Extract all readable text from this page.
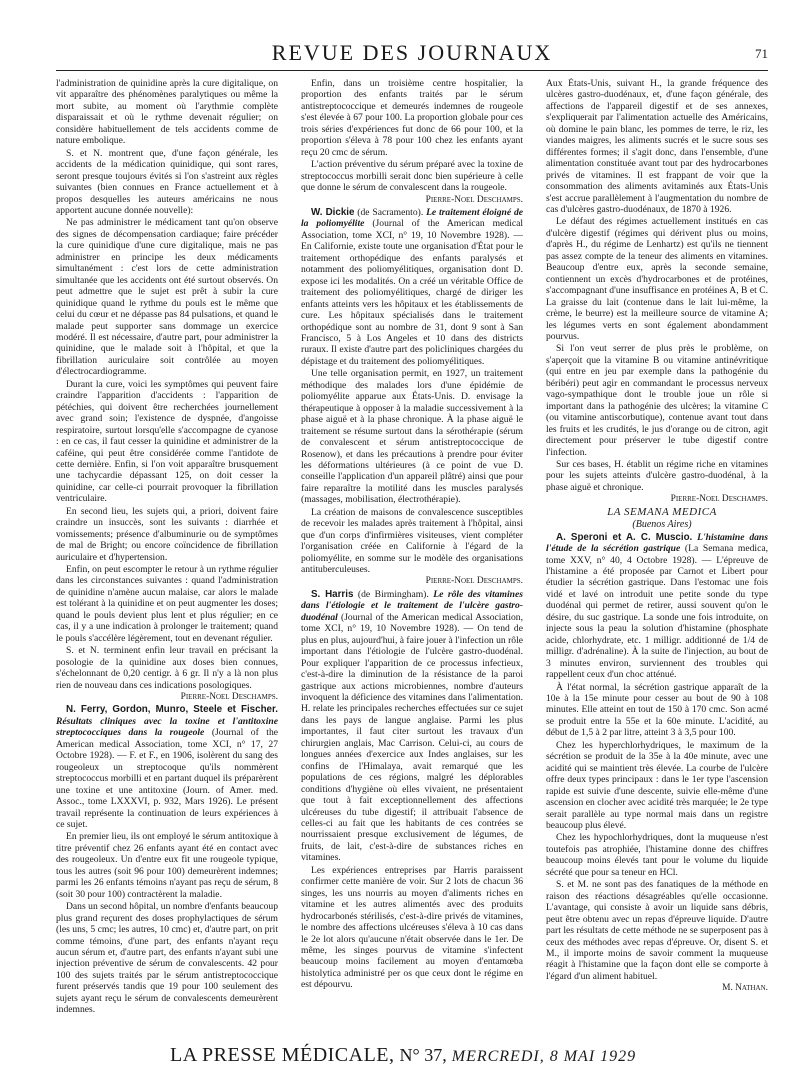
REVUE DES JOURNAUX	71

l'administration de quinidine après la cure digitalique, on vit apparaître des phénomènes paralytiques ou même la mort subite, au moment où l'arythmie complète disparaissait et où le rythme devenait régulier; on considère habituellement de tels accidents comme de nature embolique.

S. et N. montrent que, d'une façon générale, les accidents de la médication quinidique, qui sont rares, seront presque toujours évités si l'on s'astreint aux règles suivantes (bien connues en France actuellement et à propos desquelles les auteurs américains ne nous apportent aucune donnée nouvelle):

Ne pas administrer le médicament tant qu'on observe des signes de décompensation cardiaque; faire précéder la cure quinidique d'une cure digitalique, mais ne pas administrer en principe les deux médicaments simultanément : c'est lors de cette administration simultanée que les accidents ont été surtout observés. On peut admettre que le sujet est prêt à subir la cure quinidique quand le rythme du pouls est le même que celui du cœur et ne dépasse pas 84 pulsations, et quand le malade peut supporter sans dommage un exercice modéré. Il est nécessaire, d'autre part, pour administrer la quinidine, que le malade soit à l'hôpital, et que la fibrillation auriculaire soit contrôlée au moyen d'électrocardiogramme.

Durant la cure, voici les symptômes qui peuvent faire craindre l'apparition d'accidents : l'apparition de pétéchies, qui doivent être recherchées journellement avec grand soin; l'existence de dyspnée, d'angoisse respiratoire, surtout lorsqu'elle s'accompagne de cyanose : en ce cas, il faut cesser la quinidine et administrer de la caféine, qui peut être considérée comme l'antidote de cette dernière. Enfin, si l'on voit apparaître brusquement une tachycardie dépassant 125, on doit cesser la quinidine, car celle-ci pourrait provoquer la fibrillation ventriculaire.

En second lieu, les sujets qui, a priori, doivent faire craindre un insuccès, sont les suivants : diarrhée et vomissements; présence d'albuminurie ou de symptômes de mal de Bright; ou encore coïncidence de fibrillation auriculaire et d'hypertension.

Enfin, on peut escompter le retour à un rythme régulier dans les circonstances suivantes : quand l'administration de quinidine n'amène aucun malaise, car alors le malade est tolérant à la quinidine et on peut augmenter les doses; quand le pouls devient plus lent et plus régulier; en ce cas, il y a une indication à prolonger le traitement; quand le pouls s'accélère légèrement, tout en devenant régulier.

S. et N. terminent enfin leur travail en précisant la posologie de la quinidine aux doses bien connues, s'échelonnant de 0,20 centigr. à 6 gr. Il n'y a là non plus rien de nouveau dans ces indications posologiques.

Pierre-Noel Deschamps.

N. Ferry, Gordon, Munro, Steele et Fischer. Résultats cliniques avec la toxine et l'antitoxine streptococciques dans la rougeole (Journal of the American medical Association, tome XCI, n° 17, 27 Octobre 1928). — F. et F., en 1906, isolèrent du sang des rougeoleux un streptocoque qu'ils nommèrent streptococcus morbilli et en partant duquel ils préparèrent une toxine et une antitoxine (Journ. of Amer. med. Assoc., tome LXXXVI, p. 932, Mars 1926). Le présent travail représente la continuation de leurs expériences à ce sujet.

En premier lieu, ils ont employé le sérum antitoxique à titre préventif chez 26 enfants ayant été en contact avec des rougeoleux. Un d'entre eux fit une rougeole typique, tous les autres (soit 96 pour 100) demeurèrent indemnes; parmi les 26 enfants témoins n'ayant pas reçu de sérum, 8 (soit 30 pour 100) contractèrent la maladie.

Dans un second hôpital, un nombre d'enfants beaucoup plus grand reçurent des doses prophylactiques de sérum (les uns, 5 cmc; les autres, 10 cmc) et, d'autre part, on prit comme témoins, d'une part, des enfants n'ayant reçu aucun sérum et, d'autre part, des enfants n'ayant subi une injection préventive de sérum de convalescents. 42 pour 100 des sujets traités par le sérum antistreptococcique furent préservés tandis que 19 pour 100 seulement des sujets ayant reçu le sérum de convalescents demeurèrent indemnes.

Enfin, dans un troisième centre hospitalier, la proportion des enfants traités par le sérum antistreptococcique et demeurés indemnes de rougeole s'est élevée à 67 pour 100. La proportion globale pour ces trois séries d'expériences fut donc de 66 pour 100, et la proportion s'éleva à 78 pour 100 chez les enfants ayant reçu 20 cmc de sérum.

L'action préventive du sérum préparé avec la toxine de streptococcus morbilli serait donc bien supérieure à celle que donne le sérum de convalescent dans la rougeole.

Pierre-Noel Deschamps.

W. Dickie (de Sacramento). Le traitement éloigné de la poliomyélite (Journal of the American medical Association, tome XCI, n° 19, 10 Novembre 1928). — En Californie, existe toute une organisation d'État pour le traitement orthopédique des enfants paralysés et notamment des poliomyélitiques, organisation dont D. expose ici les modalités. On a créé un véritable Office de traitement des poliomyélitiques, chargé de diriger les enfants atteints vers les hôpitaux et les établissements de cure. Les hôpitaux spécialisés dans le traitement orthopédique sont au nombre de 31, dont 9 sont à San Francisco, 5 à Los Angeles et 10 dans des districts ruraux. Il existe d'autre part des policliniques chargées du dépistage et du traitement des poliomyélitiques.

Une telle organisation permit, en 1927, un traitement méthodique des malades lors d'une épidémie de poliomyélite apparue aux États-Unis. D. envisage la thérapeutique à opposer à la maladie successivement à la phase aiguë et à la phase chronique. À la phase aiguë le traitement se résume surtout dans la sérothérapie (sérum de convalescent et sérum antistreptococcique de Rosenow), et dans les précautions à prendre pour éviter les déformations ultérieures (à ce point de vue D. conseille l'application d'un appareil plâtré) ainsi que pour faire reparaître la motilité dans les muscles paralysés (massages, mobilisation, électrothérapie).

La création de maisons de convalescence susceptibles de recevoir les malades après traitement à l'hôpital, ainsi que d'un corps d'infirmières visiteuses, vient compléter l'organisation créée en Californie à l'égard de la poliomyélite, en somme sur le modèle des organisations antituberculeuses.

Pierre-Noel Deschamps.

S. Harris (de Birmingham). Le rôle des vitamines dans l'étiologie et le traitement de l'ulcère gastro-duodénal (Journal of the American medical Association, tome XCI, n° 19, 10 Novembre 1928). — On tend de plus en plus, aujourd'hui, à faire jouer à l'infection un rôle important dans l'étiologie de l'ulcère gastro-duodénal. Pour expliquer l'apparition de ce processus infectieux, c'est-à-dire la diminution de la résistance de la paroi gastrique aux actions microbiennes, nombre d'auteurs invoquent la déficience des vitamines dans l'alimentation. H. relate les principales recherches effectuées sur ce sujet dans les pays de langue anglaise. Parmi les plus importantes, il faut citer surtout les travaux d'un chirurgien anglais, Mac Carrison. Celui-ci, au cours de longues années d'exercice aux Indes anglaises, sur les confins de l'Himalaya, avait remarqué que les populations de ces régions, malgré les déplorables conditions d'hygiène où elles vivaient, ne présentaient que tout à fait exceptionnellement des affections ulcéreuses du tube digestif; il attribuait l'absence de celles-ci au fait que les habitants de ces contrées se nourrissaient presque exclusivement de légumes, de fruits, de lait, c'est-à-dire de substances riches en vitamines.

Les expériences entreprises par Harris paraissent confirmer cette manière de voir. Sur 2 lots de chacun 36 singes, les uns nourris au moyen d'aliments riches en vitamine et les autres alimentés avec des produits hydrocarbonés stérilisés, c'est-à-dire privés de vitamines, le nombre des affections ulcéreuses s'éleva à 10 cas dans le 2e lot alors qu'aucune n'était observée dans le 1er. De même, les singes pourvus de vitamine s'infectent beaucoup moins facilement au moyen d'entamœba histolytica administré per os que ceux dont le régime en est dépourvu.

Aux États-Unis, suivant H., la grande fréquence des ulcères gastro-duodénaux, et, d'une façon générale, des affections de l'appareil digestif et de ses annexes, s'expliquerait par l'alimentation actuelle des Américains, où domine le pain blanc, les pommes de terre, le riz, les viandes maigres, les aliments sucrés et le sucre sous ses différentes formes; il s'agit donc, dans l'ensemble, d'une alimentation constituée avant tout par des hydrocarbones privés de vitamines. Il est frappant de voir que la consommation des aliments avitaminés aux États-Unis s'est accrue parallèlement à l'augmentation du nombre de cas d'ulcères gastro-duodénaux, de 1870 à 1926.

Le défaut des régimes actuellement institués en cas d'ulcère digestif (régimes qui dérivent plus ou moins, d'après H., du régime de Lenhartz) est qu'ils ne tiennent pas assez compte de la teneur des aliments en vitamines. Beaucoup d'entre eux, après la seconde semaine, contiennent un excès d'hydrocarbones et de protéines, s'accompagnant d'une insuffisance en protéines A, B et C. La graisse du lait (contenue dans le lait lui-même, la crème, le beurre) est la meilleure source de vitamine A; les légumes verts en sont également abondamment pourvus.

Si l'on veut serrer de plus près le problème, on s'aperçoit que la vitamine B ou vitamine antinévritique (qui entre en jeu par exemple dans la pathogénie du béribéri) peut agir en commandant le processus nerveux vago-sympathique dont le trouble joue un rôle si important dans la pathogénie des ulcères; la vitamine C (ou vitamine antiscorbutique), contenue avant tout dans les fruits et les crudités, le jus d'orange ou de citron, agit directement pour préserver le tube digestif contre l'infection.

Sur ces bases, H. établit un régime riche en vitamines pour les sujets atteints d'ulcère gastro-duodénal, à la phase aiguë et chronique.

Pierre-Noel Deschamps.

LA SEMANA MEDICA

(Buenos Aires)

A. Speroni et A. C. Muscio. L'histamine dans l'étude de la sécrétion gastrique (La Semana medica, tome XXV, n° 40, 4 Octobre 1928). — L'épreuve de l'histamine a été proposée par Carnot et Libert pour étudier la sécrétion gastrique. Dans l'estomac une fois vidé et lavé on introduit une petite sonde du type duodénal qui permet de retirer, aussi souvent qu'on le désire, du suc gastrique. La sonde une fois introduite, on injecte sous la peau la solution d'histamine (phosphate acide, chlorhydrate, etc. 1 milligr. additionné de 1/4 de milligr. d'adrénaline). À la suite de l'injection, au bout de 3 minutes environ, surviennent des troubles qui rappellent ceux d'un choc atténué.

À l'état normal, la sécrétion gastrique apparaît de la 10e à la 15e minute pour cesser au bout de 90 à 108 minutes. Elle atteint en tout de 150 à 170 cmc. Son acmé se produit entre la 55e et la 60e minute. L'acidité, au début de 1,5 à 2 par litre, atteint 3 à 3,5 pour 100.

Chez les hyperchlorhydriques, le maximum de la sécrétion se produit de la 35e à la 40e minute, avec une acidité qui se maintient très élevée. La courbe de l'ulcère offre deux types principaux : dans le 1er type l'ascension rapide est suivie d'une descente, suivie elle-même d'une ascension en clocher avec acidité très marquée; le 2e type serait parallèle au type normal mais dans un registre beaucoup plus élevé.

Chez les hypochlorhydriques, dont la muqueuse n'est toutefois pas atrophiée, l'histamine donne des chiffres beaucoup moins élevés tant pour le volume du liquide sécrété que pour sa teneur en HCl.

S. et M. ne sont pas des fanatiques de la méthode en raison des réactions désagréables qu'elle occasionne. L'avantage, qui consiste à avoir un liquide sans débris, peut être obtenu avec un repas d'épreuve liquide. D'autre part les résultats de cette méthode ne se superposent pas à ceux des méthodes avec repas d'épreuve. Or, disent S. et M., il importe moins de savoir comment la muqueuse réagit à l'histamine que la façon dont elle se comporte à l'égard d'un aliment habituel.

M. Nathan.

LA PRESSE MÉDICALE, N° 37, MERCREDI, 8 MAI 1929
